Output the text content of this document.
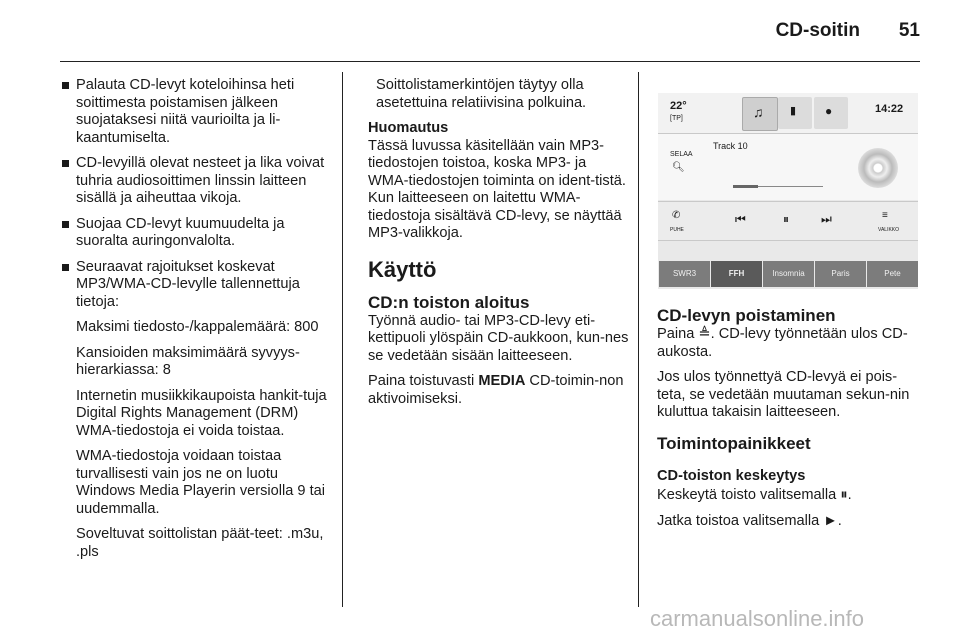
CD-soitin	51
Palauta CD-levyt koteloihinsa heti soittimesta poistamisen jälkeen suojataksesi niitä vaurioilta ja li-kaantumiselta.
CD-levyillä olevat nesteet ja lika voivat tuhria audiosoittimen linssin laitteen sisällä ja aiheuttaa vikoja.
Suojaa CD-levyt kuumuudelta ja suoralta auringonvalolta.
Seuraavat rajoitukset koskevat MP3/WMA-CD-levylle tallennettuja tietoja:
Maksimi tiedosto-/kappalemäärä: 800
Kansioiden maksimimäärä syvyys-hierarkiassa: 8
Internetin musiikkikaupoista hankit-tuja Digital Rights Management (DRM) WMA-tiedostoja ei voida toistaa.
WMA-tiedostoja voidaan toistaa turvallisesti vain jos ne on luotu Windows Media Playerin versiolla 9 tai uudemmalla.
Soveltuvat soittolistan päät-teet: .m3u, .pls

Soittolistamerkintöjen täytyy olla asetettuina relatiivisina polkuina.

Huomautus

Tässä luvussa käsitellään vain MP3-tiedostojen toistoa, koska MP3- ja WMA-tiedostojen toiminta on ident-tistä. Kun laitteeseen on laitettu WMA-tiedostoja sisältävä CD-levy, se näyttää MP3-valikkoja.

Käyttö
CD:n toiston aloitus

Työnnä audio- tai MP3-CD-levy eti-kettipuoli ylöspäin CD-aukkoon, kun-nes se vedetään sisään laitteeseen.

Paina toistuvasti MEDIA CD-toimin-non aktivoimiseksi.

22°
[TP]	♫ ▮ ●	14:22
SELAA
🔍︎
Track 10
✆
PUHE
⏮	⏸	⏭	≡
VALIKKO
SWR3	FFH	Insomnia	Paris	Pete
CD-levyn poistaminen

Paina ≜. CD-levy työnnetään ulos CD-aukosta.

Jos ulos työnnettyä CD-levyä ei pois-teta, se vedetään muutaman sekun-nin kuluttua takaisin laitteeseen.

Toimintopainikkeet
CD-toiston keskeytys

Keskeytä toisto valitsemalla ⏸.

Jatka toistoa valitsemalla ►.

carmanualsonline.info
